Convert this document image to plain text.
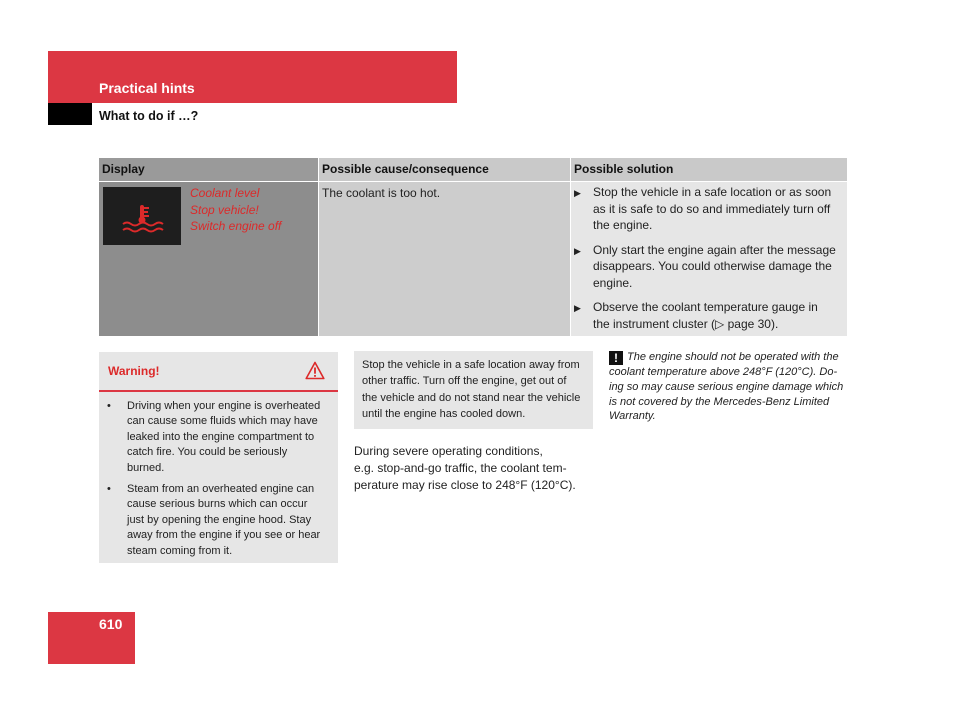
Practical hints
What to do if …?
Display	Possible cause/consequence	Possible solution
Coolant level
Stop vehicle!
Switch engine off
The coolant is too hot.	▶	Stop the vehicle in a safe location or as soon
as it is safe to do so and immediately turn off
the engine.
▶	Only start the engine again after the message
disappears. You could otherwise damage the
engine.
▶	Observe the coolant temperature gauge in
the instrument cluster (▷ page 30).
Warning!
•	Driving when your engine is overheated
can cause some fluids which may have
leaked into the engine compartment to
catch fire. You could be seriously
burned.
•	Steam from an overheated engine can
cause serious burns which can occur
just by opening the engine hood. Stay
away from the engine if you see or hear
steam coming from it.
Stop the vehicle in a safe location away from
other traffic. Turn off the engine, get out of
the vehicle and do not stand near the vehicle
until the engine has cooled down.
During severe operating conditions,
e.g. stop-and-go traffic, the coolant tem-
perature may rise close to 248°F (120°C).
! The engine should not be operated with the
coolant temperature above 248°F (120°C). Do-
ing so may cause serious engine damage which
is not covered by the Mercedes-Benz Limited
Warranty.
610
